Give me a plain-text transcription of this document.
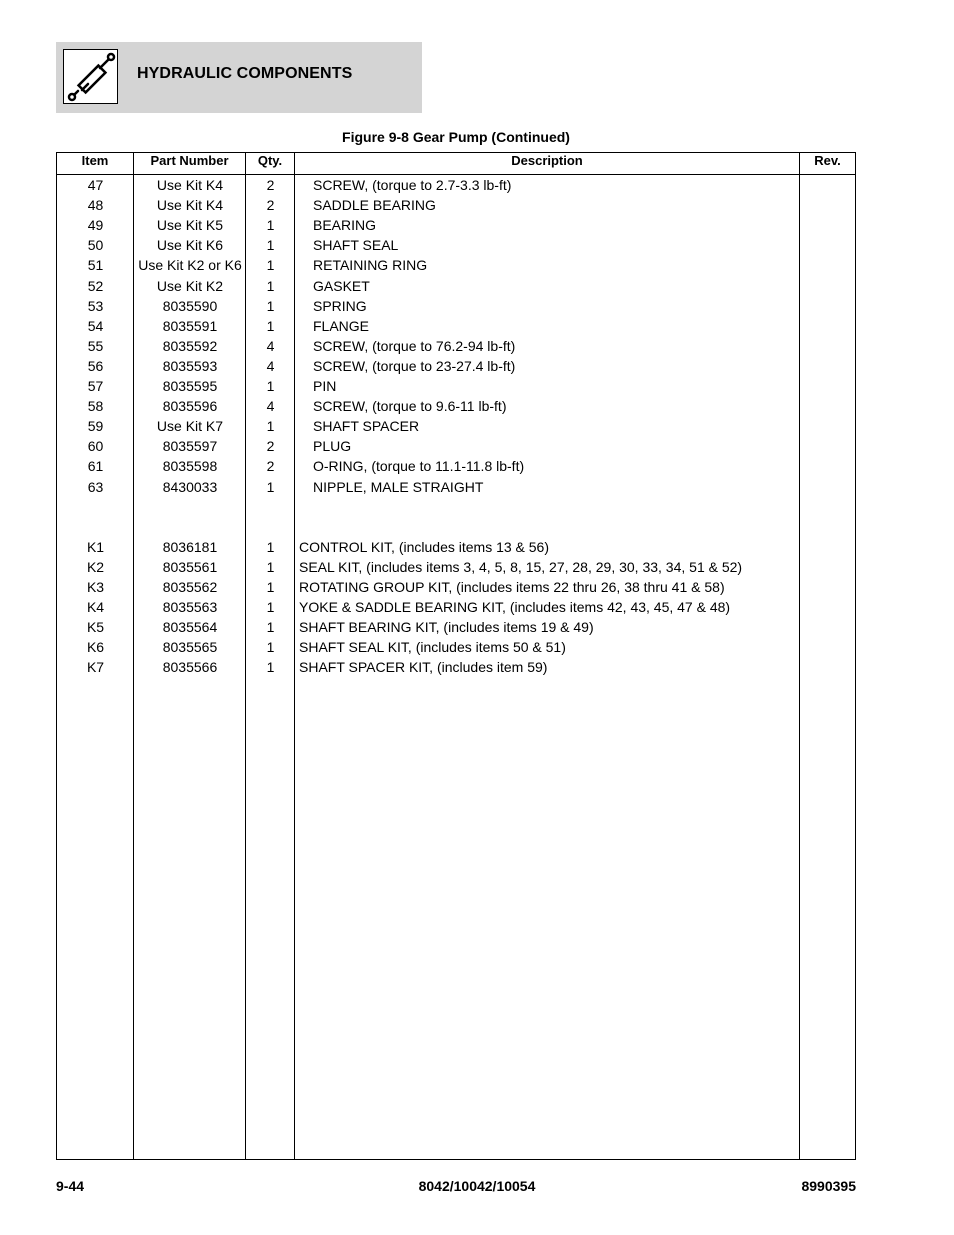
HYDRAULIC COMPONENTS
Figure 9-8 Gear Pump (Continued)
Item	Part Number	Qty.	Description	Rev.
47	Use Kit K4	2	SCREW, (torque to 2.7-3.3 lb-ft)
48	Use Kit K4	2	SADDLE BEARING
49	Use Kit K5	1	BEARING
50	Use Kit K6	1	SHAFT SEAL
51	Use Kit K2 or K6	1	RETAINING RING
52	Use Kit K2	1	GASKET
53	8035590	1	SPRING
54	8035591	1	FLANGE
55	8035592	4	SCREW, (torque to 76.2-94 lb-ft)
56	8035593	4	SCREW, (torque to 23-27.4 lb-ft)
57	8035595	1	PIN
58	8035596	4	SCREW, (torque to 9.6-11 lb-ft)
59	Use Kit K7	1	SHAFT SPACER
60	8035597	2	PLUG
61	8035598	2	O-RING, (torque to 11.1-11.8 lb-ft)
63	8430033	1	NIPPLE, MALE STRAIGHT
K1	8036181	1	CONTROL KIT, (includes items 13 & 56)
K2	8035561	1	SEAL KIT, (includes items 3, 4, 5, 8, 15, 27, 28, 29, 30, 33, 34, 51 & 52)
K3	8035562	1	ROTATING GROUP KIT, (includes items 22 thru 26, 38 thru 41 & 58)
K4	8035563	1	YOKE & SADDLE BEARING KIT, (includes items 42, 43, 45, 47 & 48)
K5	8035564	1	SHAFT BEARING KIT, (includes items 19 & 49)
K6	8035565	1	SHAFT SEAL KIT, (includes items 50 & 51)
K7	8035566	1	SHAFT SPACER KIT, (includes item 59)
9-44	8042/10042/10054	8990395
